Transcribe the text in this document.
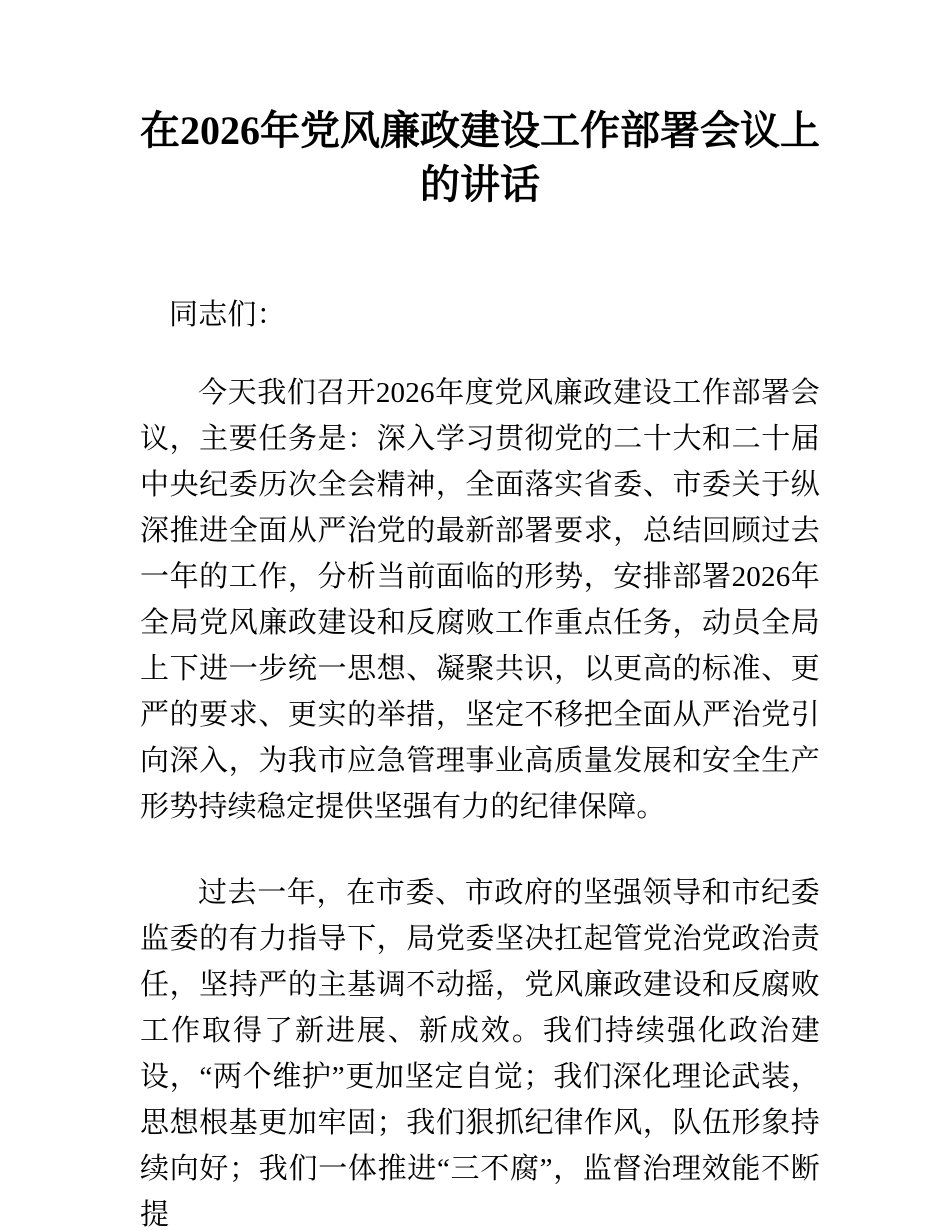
在2026年党风廉政建设工作部署会议上的讲话

同志们：

今天我们召开2026年度党风廉政建设工作部署会议，主要任务是：深入学习贯彻党的二十大和二十届中央纪委历次全会精神，全面落实省委、市委关于纵深推进全面从严治党的最新部署要求，总结回顾过去一年的工作，分析当前面临的形势，安排部署2026年全局党风廉政建设和反腐败工作重点任务，动员全局上下进一步统一思想、凝聚共识，以更高的标准、更严的要求、更实的举措，坚定不移把全面从严治党引向深入，为我市应急管理事业高质量发展和安全生产形势持续稳定提供坚强有力的纪律保障。

过去一年，在市委、市政府的坚强领导和市纪委监委的有力指导下，局党委坚决扛起管党治党政治责任，坚持严的主基调不动摇，党风廉政建设和反腐败工作取得了新进展、新成效。我们持续强化政治建设，“两个维护”更加坚定自觉；我们深化理论武装，思想根基更加牢固；我们狠抓纪律作风，队伍形象持续向好；我们一体推进“三不腐”，监督治理效能不断提
